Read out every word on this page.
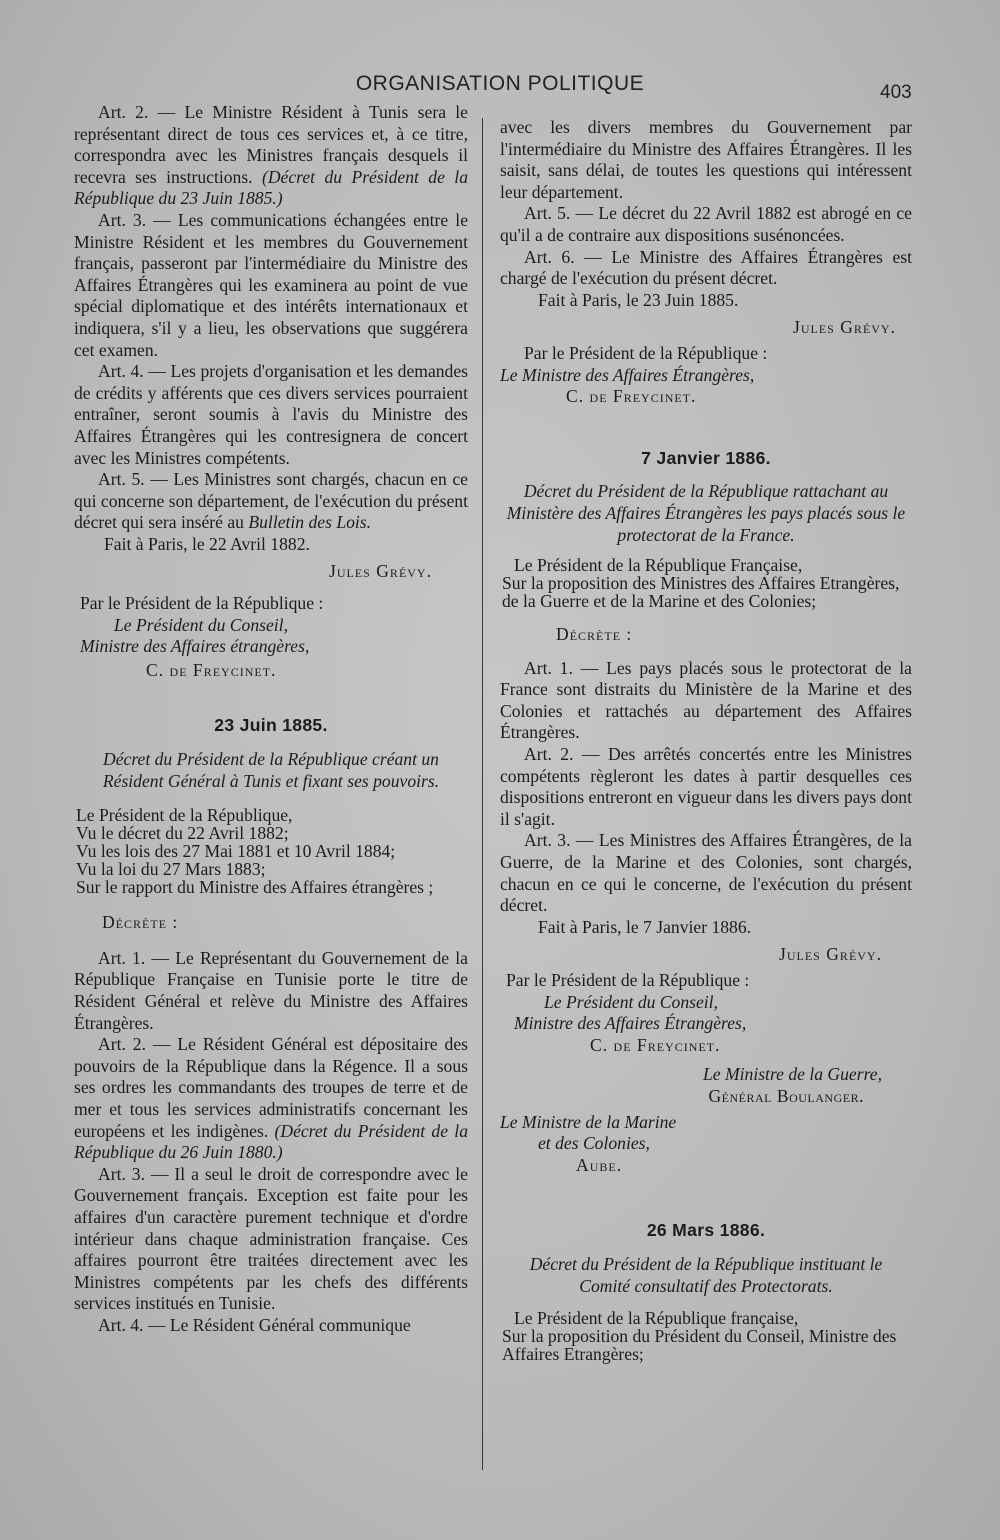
ORGANISATION POLITIQUE	403

Art. 2. — Le Ministre Résident à Tunis sera le représentant direct de tous ces services et, à ce titre, correspondra avec les Ministres français desquels il recevra ses instructions. (Décret du Président de la République du 23 Juin 1885.)

Art. 3. — Les communications échangées entre le Ministre Résident et les membres du Gouvernement français, passeront par l'intermédiaire du Ministre des Affaires Étrangères qui les examinera au point de vue spécial diplomatique et des intérêts internationaux et indiquera, s'il y a lieu, les observations que suggérera cet examen.

Art. 4. — Les projets d'organisation et les demandes de crédits y afférents que ces divers services pourraient entraîner, seront soumis à l'avis du Ministre des Affaires Étrangères qui les contresignera de concert avec les Ministres compétents.

Art. 5. — Les Ministres sont chargés, chacun en ce qui concerne son département, de l'exécution du présent décret qui sera inséré au Bulletin des Lois.

Fait à Paris, le 22 Avril 1882.

Jules Grévy.

Par le Président de la République :

Le Président du Conseil,

Ministre des Affaires étrangères,

C. de Freycinet.

23 Juin 1885.

Décret du Président de la République créant un Résident Général à Tunis et fixant ses pouvoirs.

Le Président de la République,

Vu le décret du 22 Avril 1882;

Vu les lois des 27 Mai 1881 et 10 Avril 1884;

Vu la loi du 27 Mars 1883;

Sur le rapport du Ministre des Affaires étrangères ;

Décrète :

Art. 1. — Le Représentant du Gouvernement de la République Française en Tunisie porte le titre de Résident Général et relève du Ministre des Affaires Étrangères.

Art. 2. — Le Résident Général est dépositaire des pouvoirs de la République dans la Régence. Il a sous ses ordres les commandants des troupes de terre et de mer et tous les services administratifs concernant les européens et les indigènes. (Décret du Président de la République du 26 Juin 1880.)

Art. 3. — Il a seul le droit de correspondre avec le Gouvernement français. Exception est faite pour les affaires d'un caractère purement technique et d'ordre intérieur dans chaque administration française. Ces affaires pourront être traitées directement avec les Ministres compétents par les chefs des différents services institués en Tunisie.

Art. 4. — Le Résident Général communique

avec les divers membres du Gouvernement par l'intermédiaire du Ministre des Affaires Étrangères. Il les saisit, sans délai, de toutes les questions qui intéressent leur département.

Art. 5. — Le décret du 22 Avril 1882 est abrogé en ce qu'il a de contraire aux dispositions susénoncées.

Art. 6. — Le Ministre des Affaires Étrangères est chargé de l'exécution du présent décret.

Fait à Paris, le 23 Juin 1885.

Jules Grévy.

Par le Président de la République :

Le Ministre des Affaires Étrangères,

C. de Freycinet.

7 Janvier 1886.

Décret du Président de la République rattachant au Ministère des Affaires Étrangères les pays placés sous le protectorat de la France.

Le Président de la République Française,

Sur la proposition des Ministres des Affaires Etrangères, de la Guerre et de la Marine et des Colonies;

Décrète :

Art. 1. — Les pays placés sous le protectorat de la France sont distraits du Ministère de la Marine et des Colonies et rattachés au département des Affaires Étrangères.

Art. 2. — Des arrêtés concertés entre les Ministres compétents règleront les dates à partir desquelles ces dispositions entreront en vigueur dans les divers pays dont il s'agit.

Art. 3. — Les Ministres des Affaires Étrangères, de la Guerre, de la Marine et des Colonies, sont chargés, chacun en ce qui le concerne, de l'exécution du présent décret.

Fait à Paris, le 7 Janvier 1886.

Jules Grévy.

Par le Président de la République :

Le Président du Conseil,

Ministre des Affaires Étrangères,

C. de Freycinet.

Le Ministre de la Guerre,

Général Boulanger.

Le Ministre de la Marine

et des Colonies,

Aube.

26 Mars 1886.

Décret du Président de la République instituant le Comité consultatif des Protectorats.

Le Président de la République française,

Sur la proposition du Président du Conseil, Ministre des Affaires Etrangères;
